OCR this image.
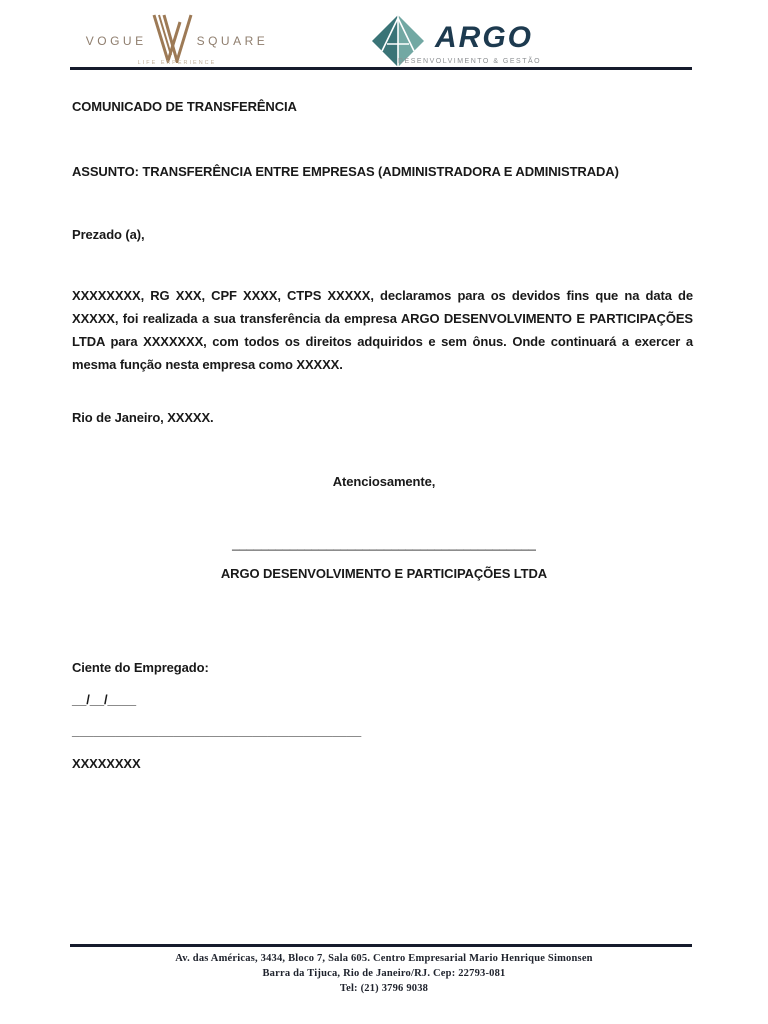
VOGUE	SQUARE
LIFE EXPERIENCE
ARGO
DESENVOLVIMENTO & GESTÃO
COMUNICADO DE TRANSFERÊNCIA
ASSUNTO: TRANSFERÊNCIA ENTRE EMPRESAS (ADMINISTRADORA E ADMINISTRADA)
Prezado (a),
XXXXXXXX, RG XXX, CPF XXXX, CTPS XXXXX, declaramos para os devidos fins que na data de XXXXX, foi realizada a sua transferência da empresa ARGO DESENVOLVIMENTO E PARTICIPAÇÕES LTDA para XXXXXXX, com todos os direitos adquiridos e sem ônus. Onde continuará a exercer a mesma função nesta empresa como XXXXX.
Rio de Janeiro, XXXXX.
Atenciosamente,
__________________________________________
ARGO DESENVOLVIMENTO E PARTICIPAÇÕES LTDA
Ciente do Empregado:
__/__/____
________________________________________
XXXXXXXX
Av. das Américas, 3434, Bloco 7, Sala 605. Centro Empresarial Mario Henrique Simonsen
Barra da Tijuca, Rio de Janeiro/RJ. Cep: 22793-081
Tel: (21) 3796 9038
